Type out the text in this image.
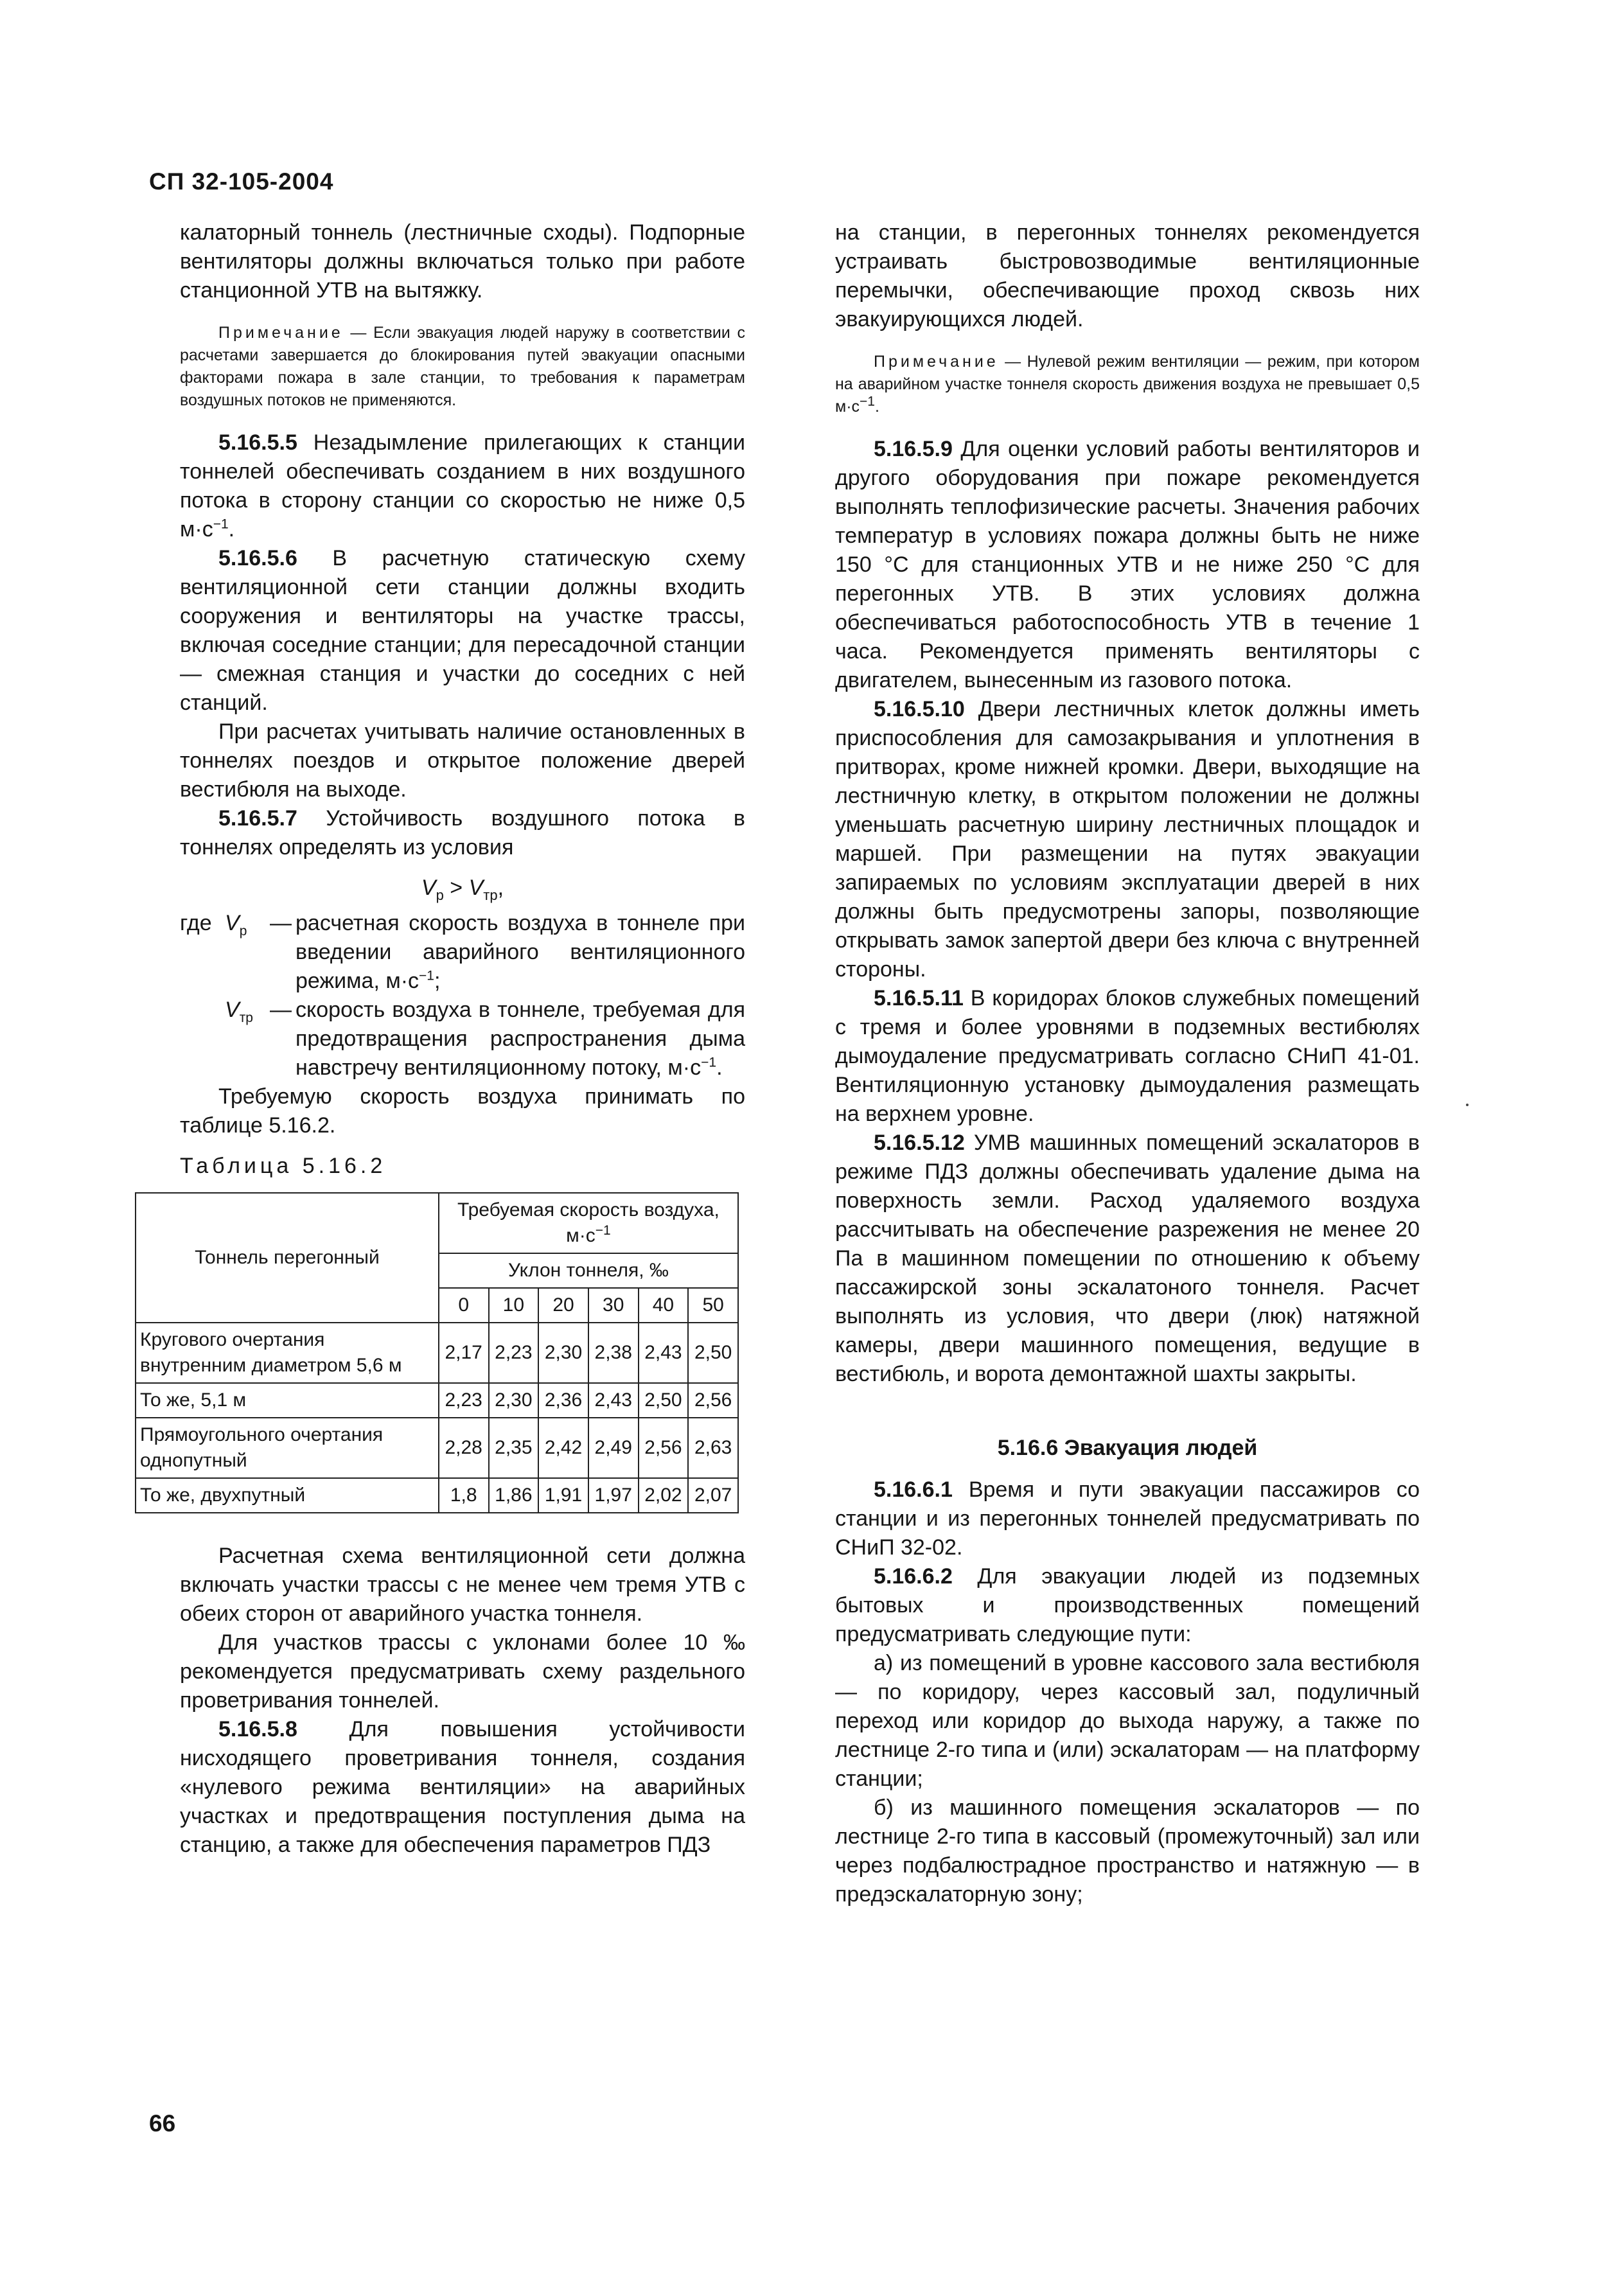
СП 32-105-2004

калаторный тоннель (лестничные сходы). Подпорные вентиляторы должны включаться только при работе станционной УТВ на вытяжку.

Примечание — Если эвакуация людей наружу в соответствии с расчетами завершается до блокирования путей эвакуации опасными факторами пожара в зале станции, то требования к параметрам воздушных потоков не применяются.

5.16.5.5 Незадымление прилегающих к станции тоннелей обеспечивать созданием в них воздушного потока в сторону станции со скоростью не ниже 0,5 $м\cdot с^{-1}$.

5.16.5.6 В расчетную статическую схему вентиляционной сети станции должны входить сооружения и вентиляторы на участке трассы, включая соседние станции; для пересадочной станции — смежная станция и участки до соседних с ней станций.

При расчетах учитывать наличие остановленных в тоннелях поездов и открытое положение дверей вестибюля на выходе.

5.16.5.7 Устойчивость воздушного потока в тоннелях определять из условия

$V_р > V_{тр}$,

где $V_р$	— расчетная скорость воздуха в тоннеле при введении аварийного вентиляционного режима, $м\cdot с^{-1}$;
$V_{тр}$ — скорость воздуха в тоннеле, требуемая для предотвращения распространения дыма навстречу вентиляционному потоку, $м\cdot с^{-1}$.

Требуемую скорость воздуха принимать по таблице 5.16.2.

Таблица 5.16.2

Тоннель перегонный	Требуемая скорость воздуха, $м\cdot с^{-1}$
	Уклон тоннеля, ‰					
	0	10	20	30	40	50
Кругового очертания внутренним диаметром 5,6 м	2,17	2,23	2,30	2,38	2,43	2,50
То же, 5,1 м	2,23	2,30	2,36	2,43	2,50	2,56
Прямоугольного очертания однопутный	2,28	2,35	2,42	2,49	2,56	2,63
То же, двухпутный	1,8	1,86	1,91	1,97	2,02	2,07

Расчетная схема вентиляционной сети должна включать участки трассы с не менее чем тремя УТВ с обеих сторон от аварийного участка тоннеля.

Для участков трассы с уклонами более 10 ‰ рекомендуется предусматривать схему раздельного проветривания тоннелей.

5.16.5.8 Для повышения устойчивости нисходящего проветривания тоннеля, создания «нулевого режима вентиляции» на аварийных участках и предотвращения поступления дыма на станцию, а также для обеспечения параметров ПДЗ

на станции, в перегонных тоннелях рекомендуется устраивать быстровозводимые вентиляционные перемычки, обеспечивающие проход сквозь них эвакуирующихся людей.

Примечание — Нулевой режим вентиляции — режим, при котором на аварийном участке тоннеля скорость движения воздуха не превышает 0,5 $м\cdot с^{-1}$.

5.16.5.9 Для оценки условий работы вентиляторов и другого оборудования при пожаре рекомендуется выполнять теплофизические расчеты. Значения рабочих температур в условиях пожара должны быть не ниже 150 °С для станционных УТВ и не ниже 250 °С для перегонных УТВ. В этих условиях должна обеспечиваться работоспособность УТВ в течение 1 часа. Рекомендуется применять вентиляторы с двигателем, вынесенным из газового потока.

5.16.5.10 Двери лестничных клеток должны иметь приспособления для самозакрывания и уплотнения в притворах, кроме нижней кромки. Двери, выходящие на лестничную клетку, в открытом положении не должны уменьшать расчетную ширину лестничных площадок и маршей. При размещении на путях эвакуации запираемых по условиям эксплуатации дверей в них должны быть предусмотрены запоры, позволяющие открывать замок запертой двери без ключа с внутренней стороны.

5.16.5.11 В коридорах блоков служебных помещений с тремя и более уровнями в подземных вестибюлях дымоудаление предусматривать согласно СНиП 41-01. Вентиляционную установку дымоудаления размещать на верхнем уровне.

5.16.5.12 УМВ машинных помещений эскалаторов в режиме ПДЗ должны обеспечивать удаление дыма на поверхность земли. Расход удаляемого воздуха рассчитывать на обеспечение разрежения не менее 20 Па в машинном помещении по отношению к объему пассажирской зоны эскалатоного тоннеля. Расчет выполнять из условия, что двери (люк) натяжной камеры, двери машинного помещения, ведущие в вестибюль, и ворота демонтажной шахты закрыты.

5.16.6 Эвакуация людей

5.16.6.1 Время и пути эвакуации пассажиров со станции и из перегонных тоннелей предусматривать по СНиП 32-02.

5.16.6.2 Для эвакуации людей из подземных бытовых и производственных помещений предусматривать следующие пути:

а) из помещений в уровне кассового зала вестибюля — по коридору, через кассовый зал, подуличный переход или коридор до выхода наружу, а также по лестнице 2-го типа и (или) эскалаторам — на платформу станции;

б) из машинного помещения эскалаторов — по лестнице 2-го типа в кассовый (промежуточный) зал или через подбалюстрадное пространство и натяжную — в предэскалаторную зону;

66
